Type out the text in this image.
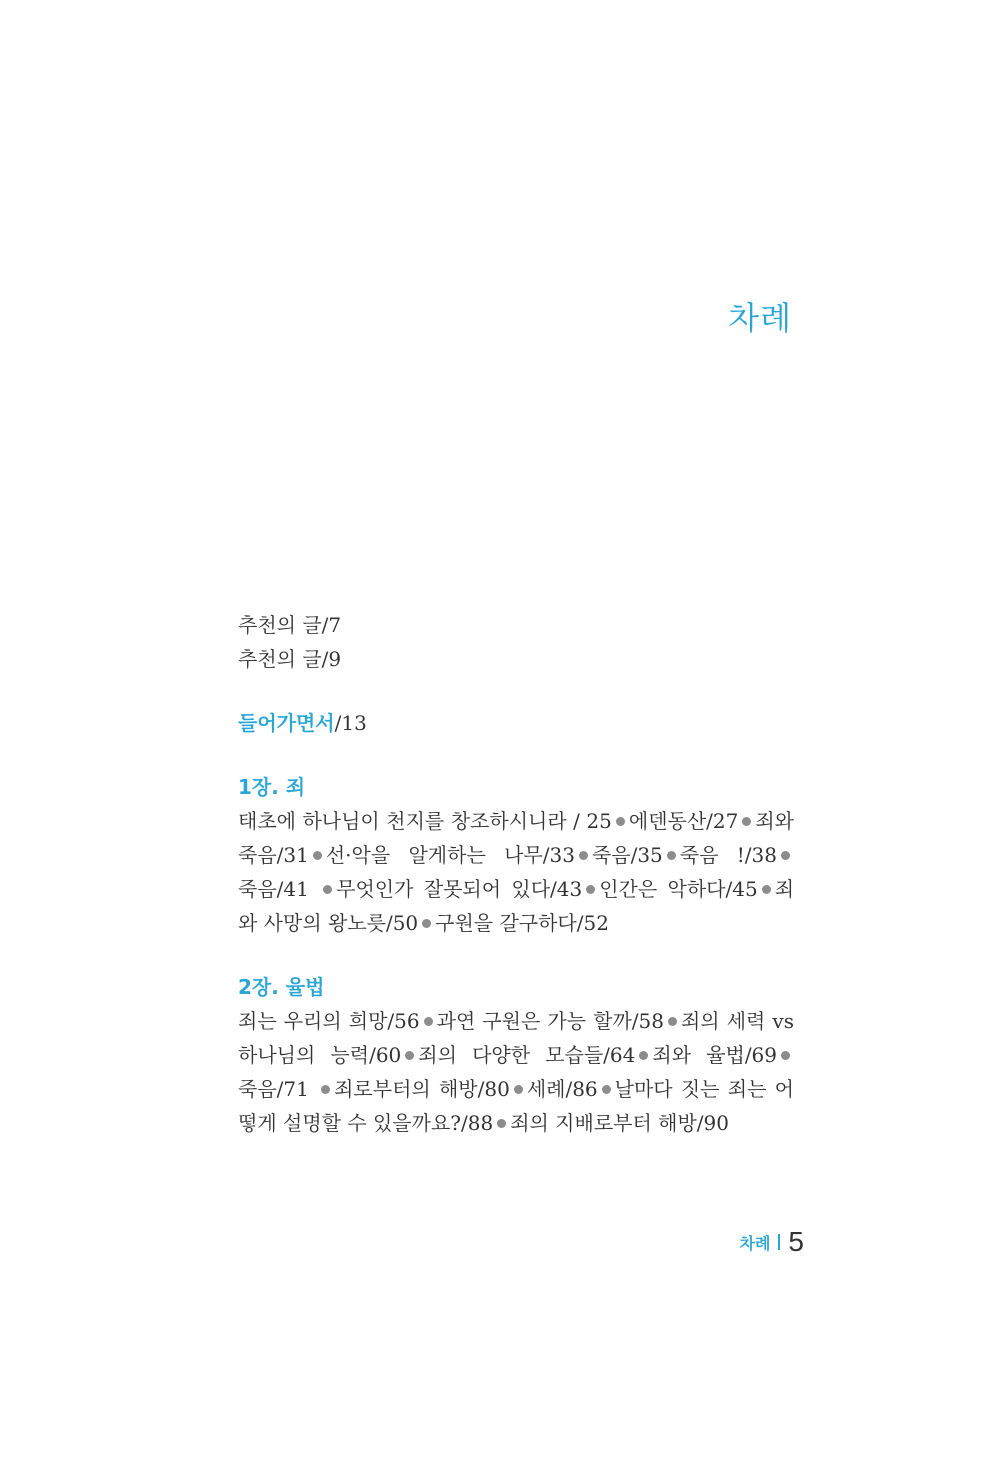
차례
추천의 글/7
추천의 글/9
들어가면서/13
1장. 죄

태초에 하나님이 천지를 창조하시니라 / 25 에덴동산/27 죄와 죽음/31 선·악을 알게하는 나무/33 죽음/35 죽음 !/38죽음/41 무엇인가 잘못되어 있다/43 인간은 악하다/45 죄와 사망의 왕노릇/50 구원을 갈구하다/52

2장. 율법

죄는 우리의 희망/56 과연 구원은 가능 할까/58 죄의 세력 vs 하나님의 능력/60 죄의 다양한 모습들/64 죄와 율법/69죽음/71 죄로부터의 해방/80 세례/86 날마다 짓는 죄는 어떻게 설명할 수 있을까요?/88 죄의 지배로부터 해방/90

차례 5
